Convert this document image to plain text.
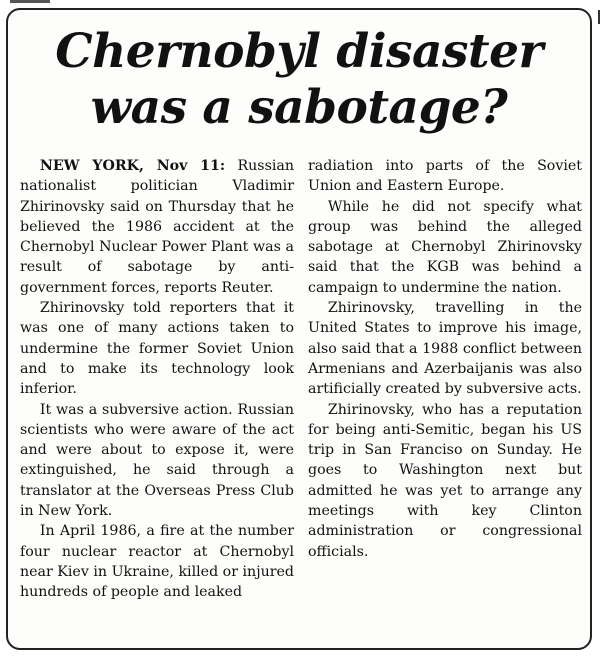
Chernobyl disaster
was a sabotage?

NEW YORK, Nov 11: Russian nationalist politician Vladimir Zhirinovsky said on Thursday that he believed the 1986 accident at the Chernobyl Nuclear Power Plant was a result of sabotage by anti-government forces, reports Reuter.

Zhirinovsky told reporters that it was one of many actions taken to undermine the former Soviet Union and to make its technology look inferior.

It was a subversive action. Russian scientists who were aware of the act and were about to expose it, were extinguished, he said through a translator at the Overseas Press Club in New York.

In April 1986, a fire at the number four nuclear reactor at Chernobyl near Kiev in Ukraine, killed or injured hundreds of people and leaked

radiation into parts of the Soviet Union and Eastern Europe.

While he did not specify what group was behind the alleged sabotage at Chernobyl Zhirinovsky said that the KGB was behind a campaign to undermine the nation.

Zhirinovsky, travelling in the United States to improve his image, also said that a 1988 conflict between Armenians and Azerbaijanis was also artificially created by subversive acts.

Zhirinovsky, who has a reputation for being anti-Semitic, began his US trip in San Franciso on Sunday. He goes to Washington next but admitted he was yet to arrange any meetings with key Clinton administration or congressional officials.
